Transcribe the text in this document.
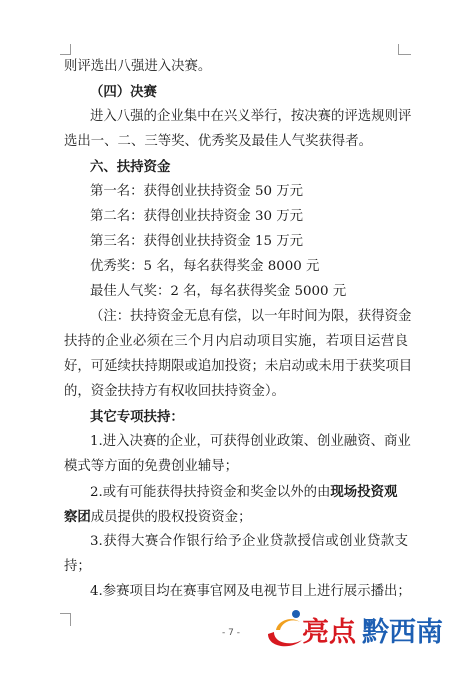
则评选出八强进入决赛。
（四）决赛
进入八强的企业集中在兴义举行，按决赛的评选规则评
选出一、二、三等奖、优秀奖及最佳人气奖获得者。
六、扶持资金
第一名：获得创业扶持资金 50 万元
第二名：获得创业扶持资金 30 万元
第三名：获得创业扶持资金 15 万元
优秀奖：5 名，每名获得奖金 8000 元
最佳人气奖：2 名，每名获得奖金 5000 元
（注：扶持资金无息有偿，以一年时间为限，获得资金
扶持的企业必须在三个月内启动项目实施，若项目运营良
好，可延续扶持期限或追加投资；未启动或未用于获奖项目
的，资金扶持方有权收回扶持资金）。
其它专项扶持：
1.进入决赛的企业，可获得创业政策、创业融资、商业
模式等方面的免费创业辅导；
2.或有可能获得扶持资金和奖金以外的由现场投资观
察团成员提供的股权投资资金；
3.获得大赛合作银行给予企业贷款授信或创业贷款支
持；
4.参赛项目均在赛事官网及电视节目上进行展示播出；
- 7 - 亮点 黔西南
